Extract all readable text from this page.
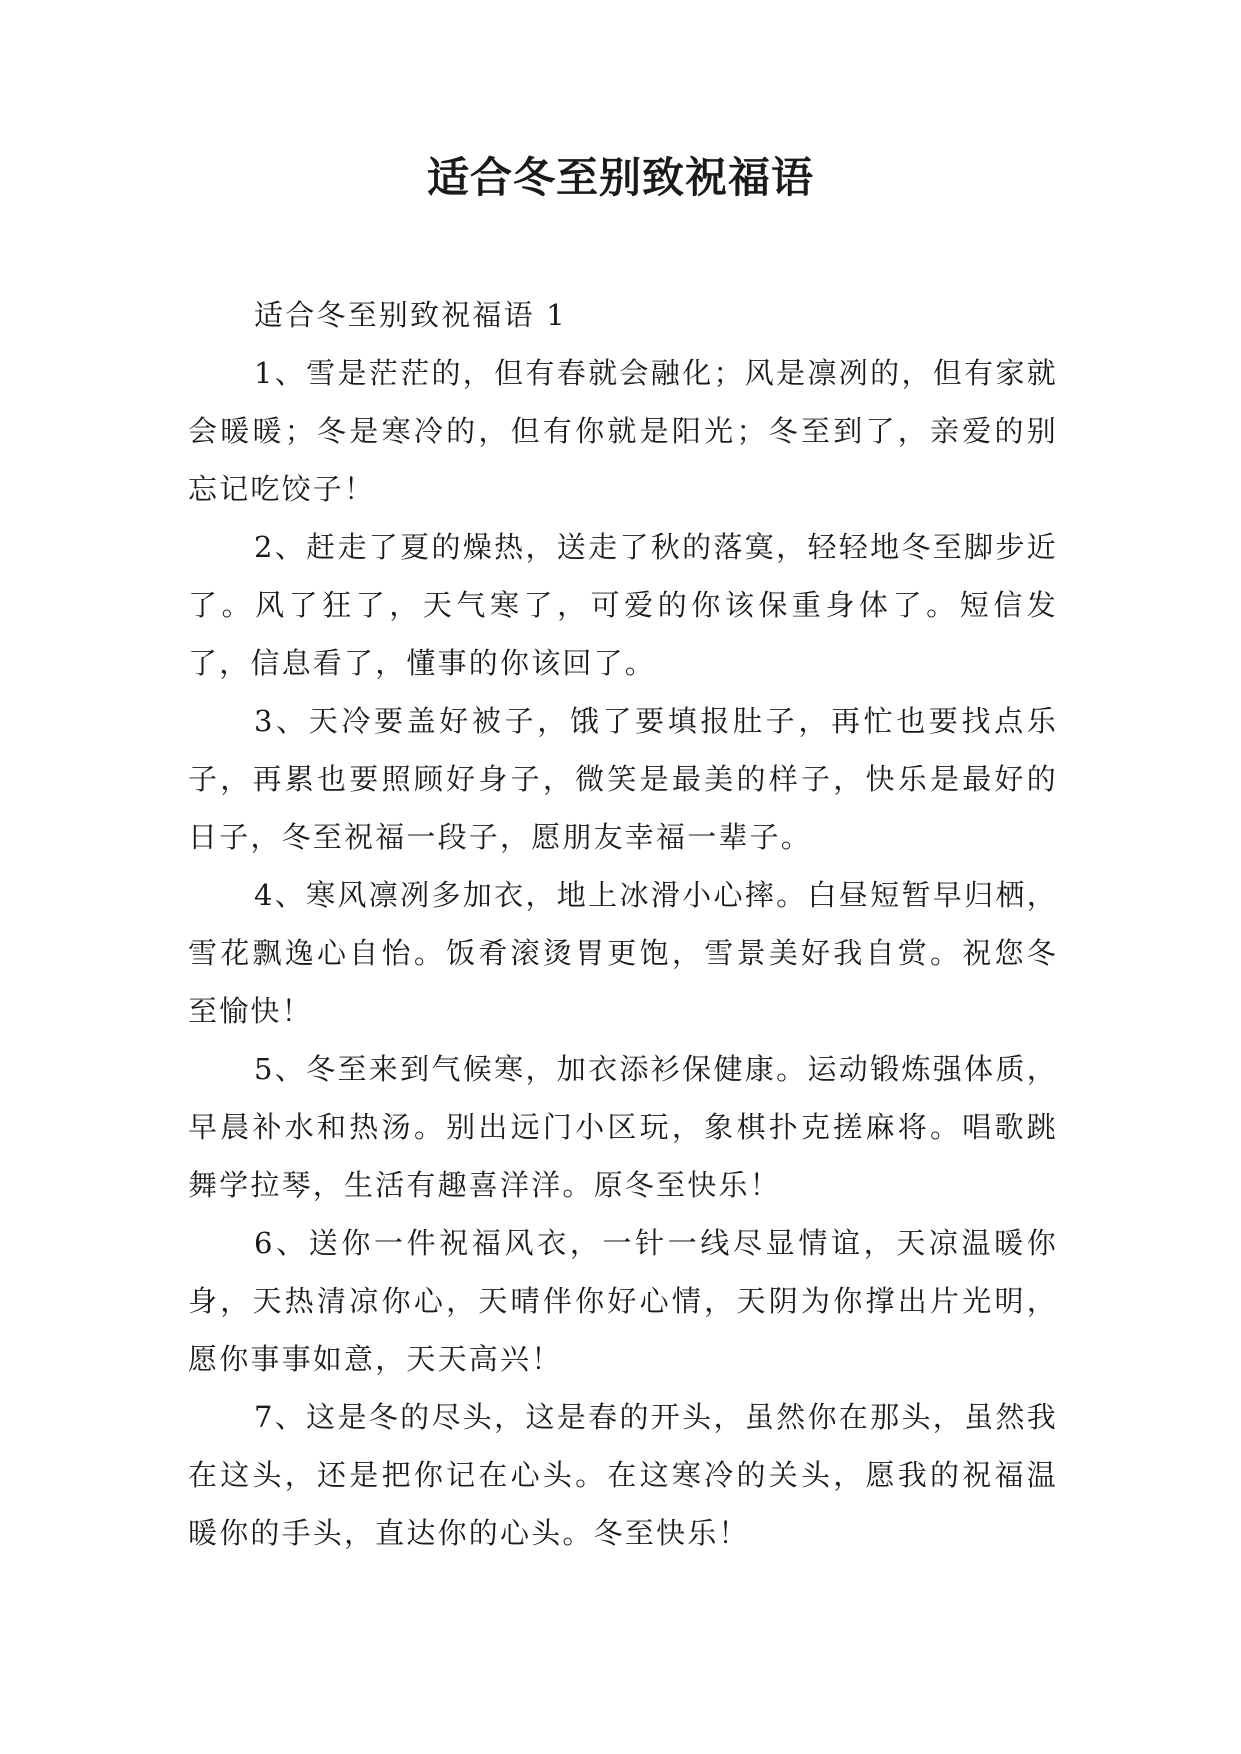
适合冬至别致祝福语
适合冬至别致祝福语 1

1、雪是茫茫的，但有春就会融化；风是凛冽的，但有家就会暖暖；冬是寒冷的，但有你就是阳光；冬至到了，亲爱的别忘记吃饺子！

2、赶走了夏的燥热，送走了秋的落寞，轻轻地冬至脚步近了。风了狂了，天气寒了，可爱的你该保重身体了。短信发了，信息看了，懂事的你该回了。

3、天冷要盖好被子，饿了要填报肚子，再忙也要找点乐子，再累也要照顾好身子，微笑是最美的样子，快乐是最好的日子，冬至祝福一段子，愿朋友幸福一辈子。

4、寒风凛冽多加衣，地上冰滑小心摔。白昼短暂早归栖，雪花飘逸心自怡。饭肴滚烫胃更饱，雪景美好我自赏。祝您冬至愉快！

5、冬至来到气候寒，加衣添衫保健康。运动锻炼强体质，早晨补水和热汤。别出远门小区玩，象棋扑克搓麻将。唱歌跳舞学拉琴，生活有趣喜洋洋。原冬至快乐！

6、送你一件祝福风衣，一针一线尽显情谊，天凉温暖你身，天热清凉你心，天晴伴你好心情，天阴为你撑出片光明，愿你事事如意，天天高兴！

7、这是冬的尽头，这是春的开头，虽然你在那头，虽然我在这头，还是把你记在心头。在这寒冷的关头，愿我的祝福温暖你的手头，直达你的心头。冬至快乐！
